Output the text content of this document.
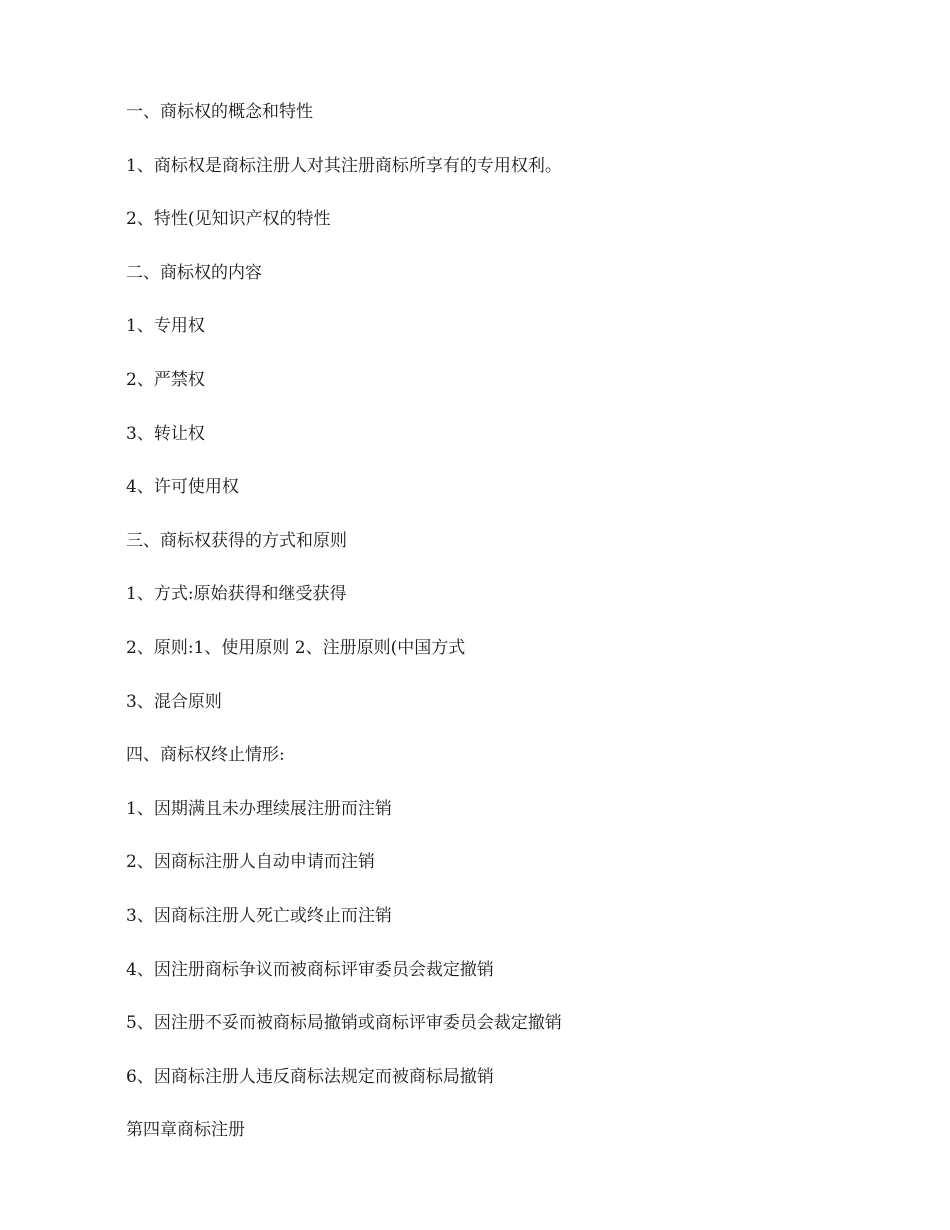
一、商标权的概念和特性

1、商标权是商标注册人对其注册商标所享有的专用权利。

2、特性(见知识产权的特性

二、商标权的内容

1、专用权

2、严禁权

3、转让权

4、许可使用权

三、商标权获得的方式和原则

1、方式:原始获得和继受获得

2、原则:1、使用原则 2、注册原则(中国方式

3、混合原则

四、商标权终止情形:

1、因期满且未办理续展注册而注销

2、因商标注册人自动申请而注销

3、因商标注册人死亡或终止而注销

4、因注册商标争议而被商标评审委员会裁定撤销

5、因注册不妥而被商标局撤销或商标评审委员会裁定撤销

6、因商标注册人违反商标法规定而被商标局撤销

第四章商标注册
